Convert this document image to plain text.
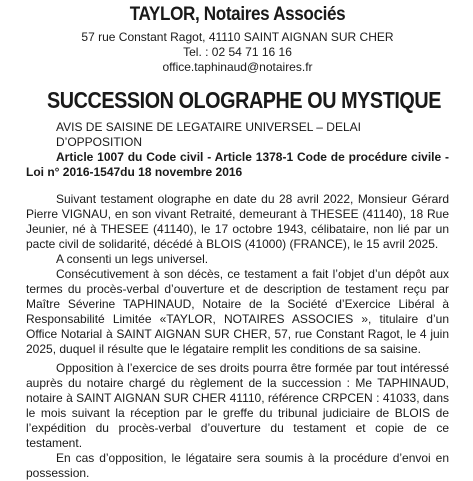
TAYLOR, Notaires Associés

57 rue Constant Ragot, 41110 SAINT AIGNAN SUR CHER

Tel. : 02 54 71 16 16

office.taphinaud@notaires.fr

SUCCESSION OLOGRAPHE OU MYSTIQUE

AVIS DE SAISINE DE LEGATAIRE UNIVERSEL – DELAI D’OPPOSITION

Article 1007 du Code civil - Article 1378-1 Code de procédure civile - Loi n° 2016-1547du 18 novembre 2016

Suivant testament olographe en date du 28 avril 2022, Monsieur Gérard Pierre VIGNAU, en son vivant Retraité, demeurant à THESEE (41140), 18 Rue Jeunier, né à THESEE (41140), le 17 octobre 1943, célibataire, non lié par un pacte civil de solidarité, décédé à BLOIS (41000) (FRANCE), le 15 avril 2025.

A consenti un legs universel.

Consécutivement à son décès, ce testament a fait l’objet d’un dépôt aux termes du procès-verbal d’ouverture et de description de testament reçu par Maître Séverine TAPHINAUD, Notaire de la Société d’Exercice Libéral à Responsabilité Limitée «TAYLOR, NOTAIRES ASSOCIES », titulaire d’un Office Notarial à SAINT AIGNAN SUR CHER, 57, rue Constant Ragot, le 4 juin 2025, duquel il résulte que le légataire remplit les conditions de sa saisine.

Opposition à l’exercice de ses droits pourra être formée par tout intéressé auprès du notaire chargé du règlement de la succession : Me TAPHINAUD, notaire à SAINT AIGNAN SUR CHER 41110, référence CRPCEN : 41033, dans le mois suivant la réception par le greffe du tribunal judiciaire de BLOIS de l’expédition du procès-verbal d’ouverture du testament et copie de ce testament.

En cas d’opposition, le légataire sera soumis à la procédure d’envoi en possession.
